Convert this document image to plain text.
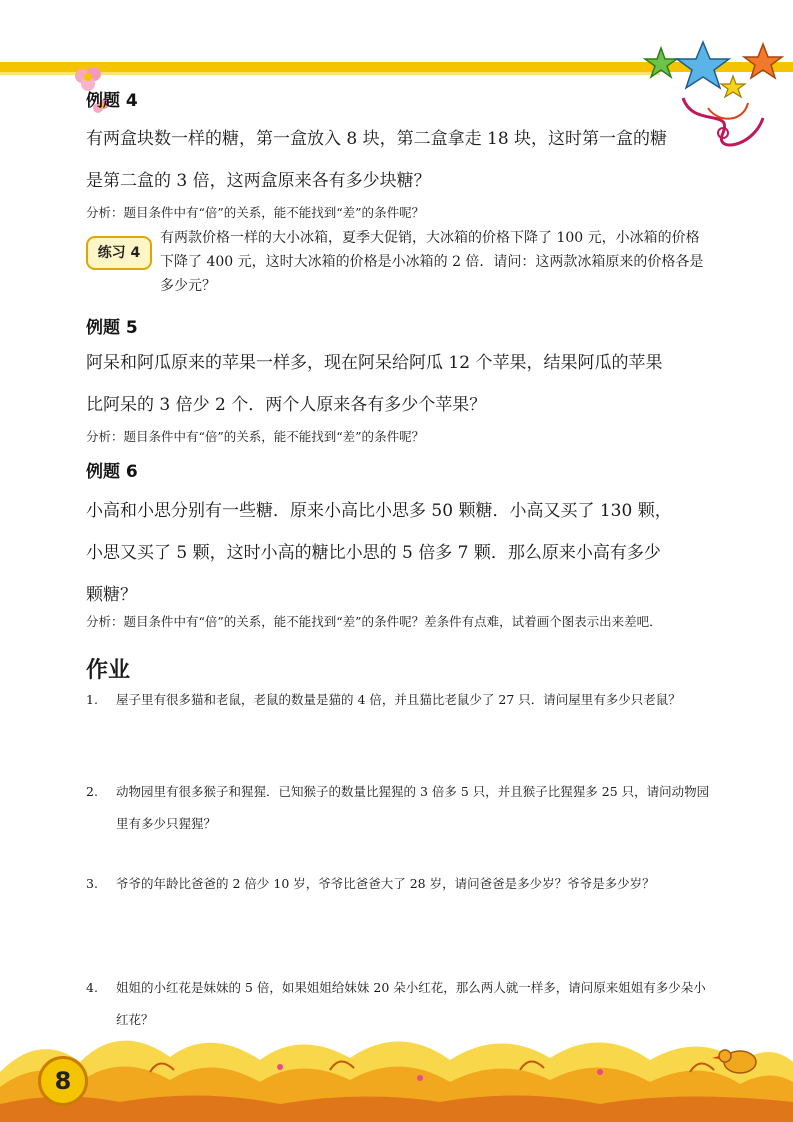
例题 4
有两盒块数一样的糖，第一盒放入 8 块，第二盒拿走 18 块，这时第一盒的糖
是第二盒的 3 倍，这两盒原来各有多少块糖？
分析：题目条件中有“倍”的关系，能不能找到“差”的条件呢？
练习 4
有两款价格一样的大小冰箱，夏季大促销，大冰箱的价格下降了 100 元，小冰箱的价格下降了 400 元，这时大冰箱的价格是小冰箱的 2 倍．请问：这两款冰箱原来的价格各是多少元？
例题 5
阿呆和阿瓜原来的苹果一样多，现在阿呆给阿瓜 12 个苹果，结果阿瓜的苹果
比阿呆的 3 倍少 2 个．两个人原来各有多少个苹果？
分析：题目条件中有“倍”的关系，能不能找到“差”的条件呢？
例题 6
小高和小思分别有一些糖．原来小高比小思多 50 颗糖．小高又买了 130 颗，
小思又买了 5 颗，这时小高的糖比小思的 5 倍多 7 颗．那么原来小高有多少
颗糖？
分析：题目条件中有“倍”的关系，能不能找到“差”的条件呢？差条件有点难，试着画个图表示出来差吧．
作业
1.	屋子里有很多猫和老鼠，老鼠的数量是猫的 4 倍，并且猫比老鼠少了 27 只．请问屋里有多少只老鼠？
2.	动物园里有很多猴子和猩猩．已知猴子的数量比猩猩的 3 倍多 5 只，并且猴子比猩猩多 25 只，请问动物园里有多少只猩猩？
3.	爷爷的年龄比爸爸的 2 倍少 10 岁，爷爷比爸爸大了 28 岁，请问爸爸是多少岁？爷爷是多少岁？
4.	姐姐的小红花是妹妹的 5 倍，如果姐姐给妹妹 20 朵小红花，那么两人就一样多，请问原来姐姐有多少朵小红花？
8
